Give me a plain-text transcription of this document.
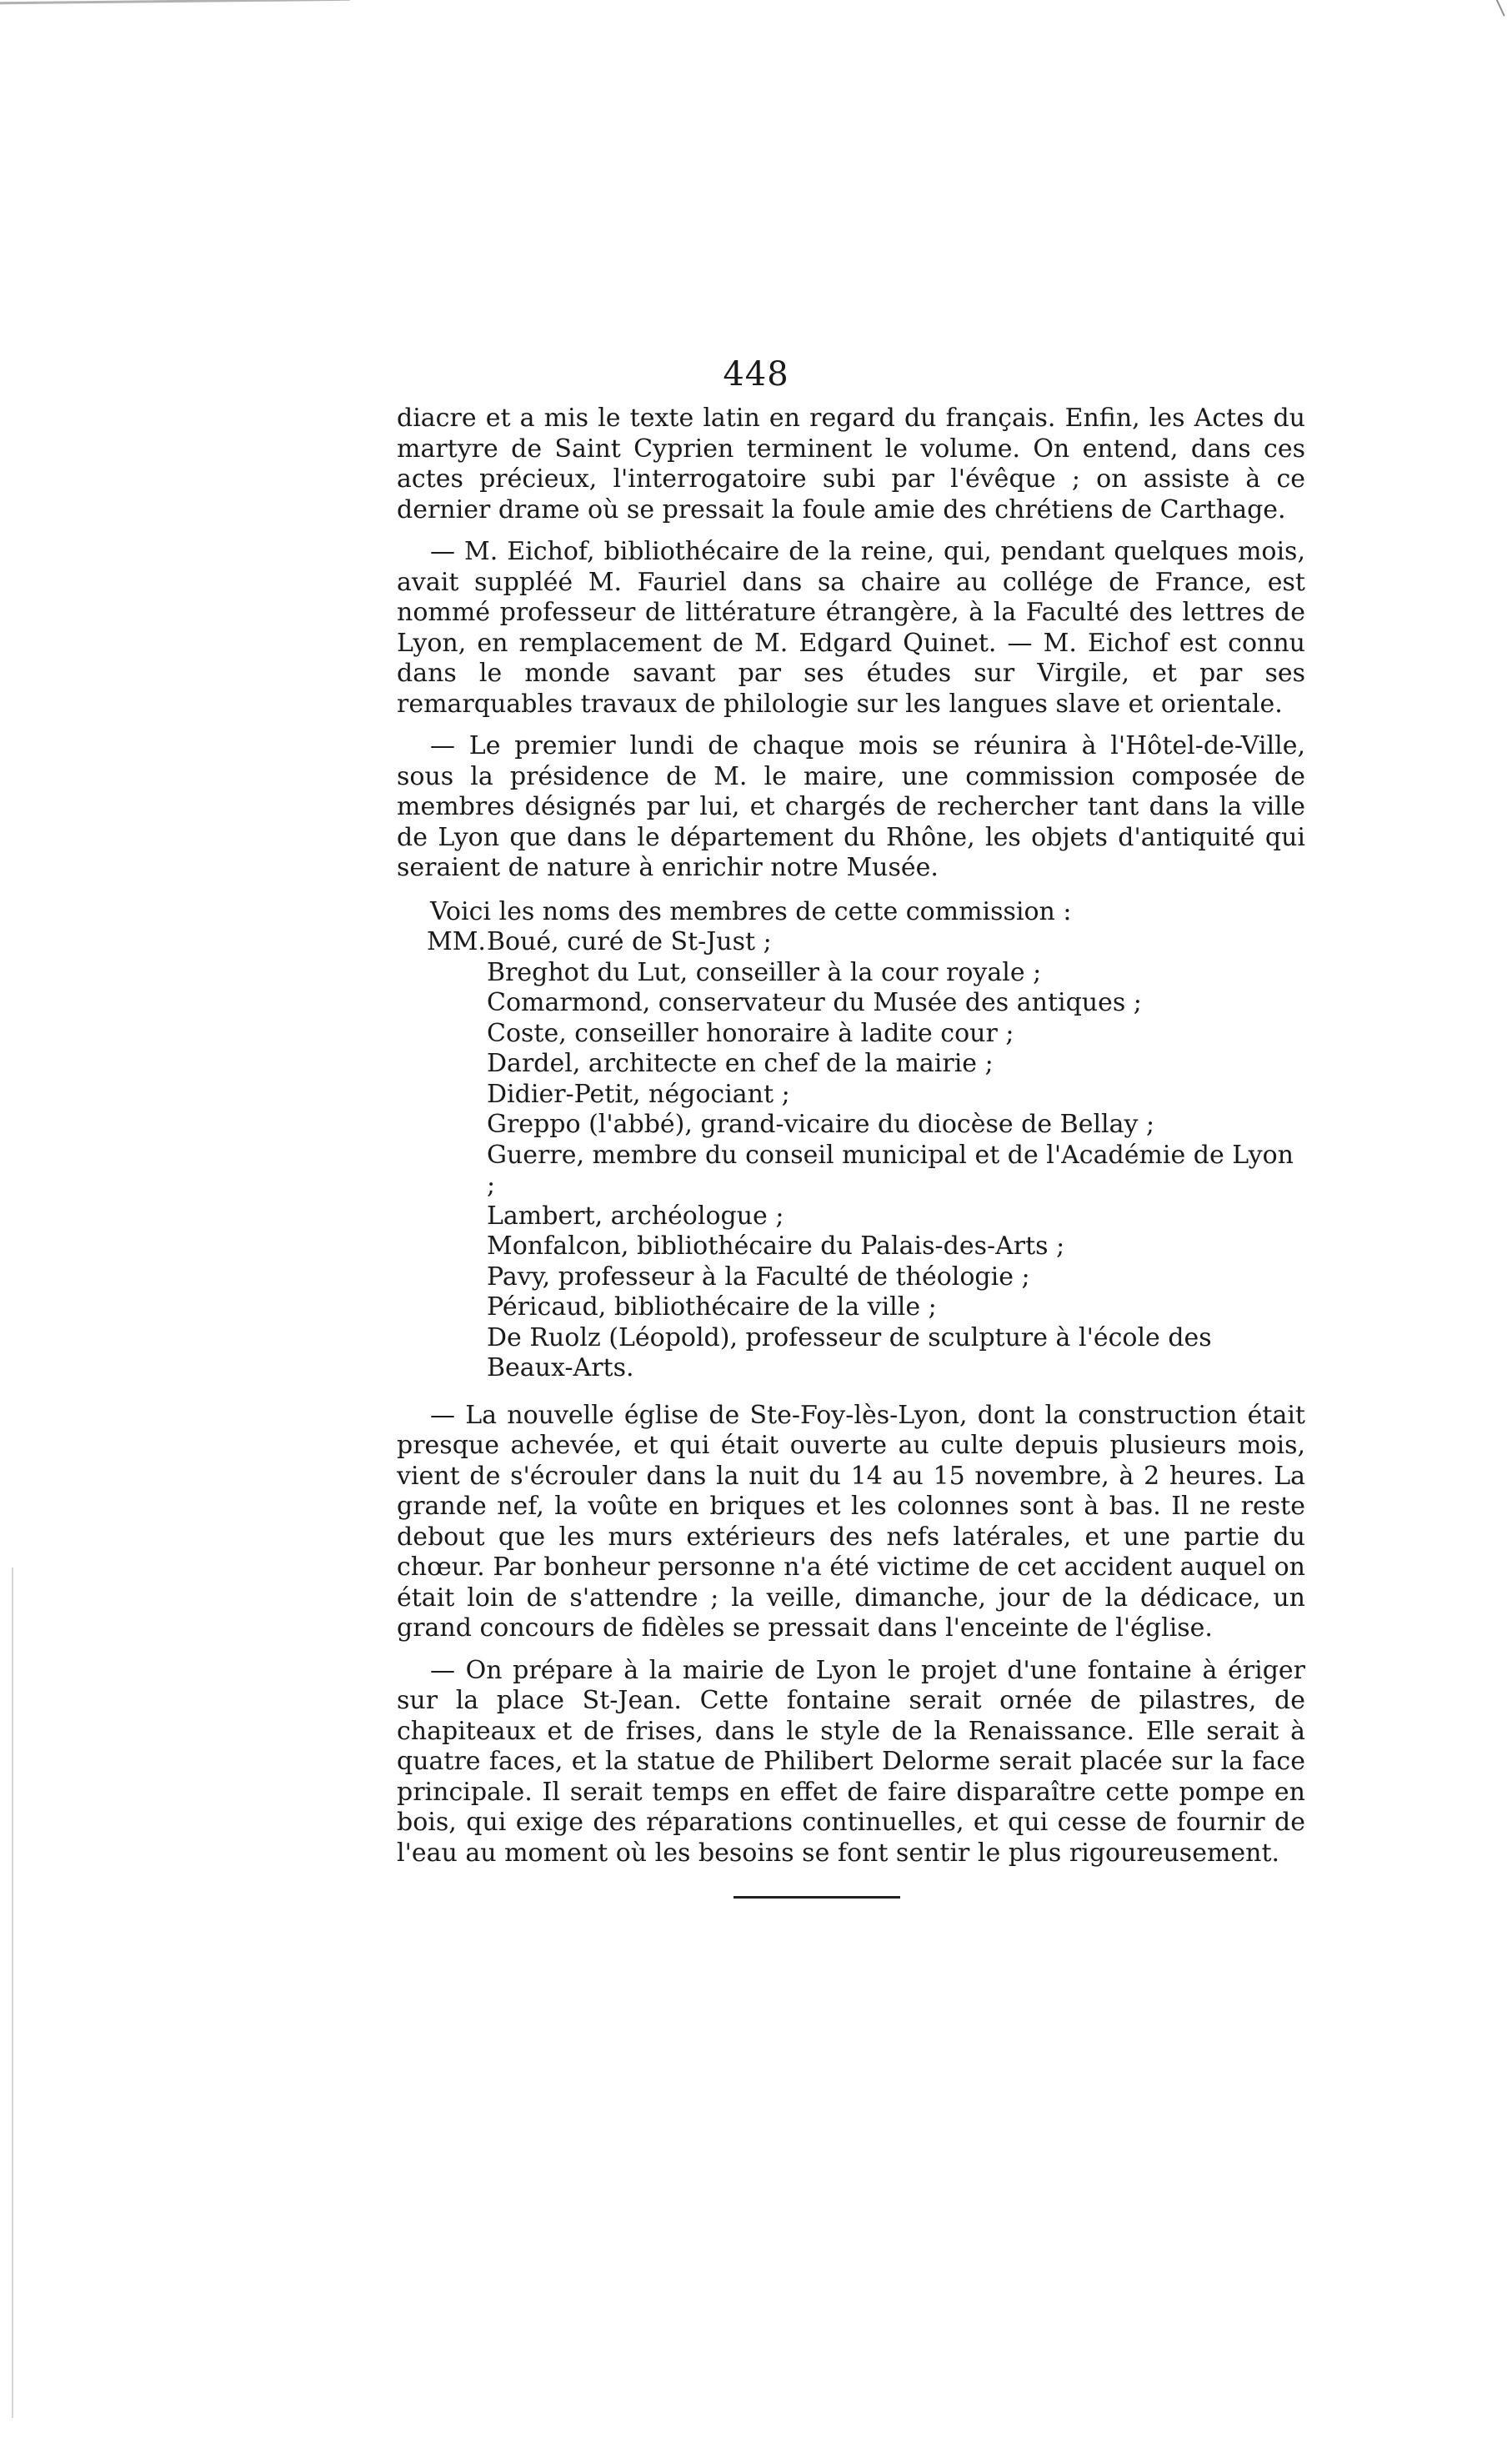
448

diacre et a mis le texte latin en regard du français. Enfin, les Actes du martyre de Saint Cyprien terminent le volume. On entend, dans ces actes précieux, l'interrogatoire subi par l'évêque ; on assiste à ce dernier drame où se pressait la foule amie des chrétiens de Carthage.

— M. Eichof, bibliothécaire de la reine, qui, pendant quelques mois, avait suppléé M. Fauriel dans sa chaire au collége de France, est nommé professeur de littérature étrangère, à la Faculté des lettres de Lyon, en remplacement de M. Edgard Quinet. — M. Eichof est connu dans le monde savant par ses études sur Virgile, et par ses remarquables travaux de philologie sur les langues slave et orientale.

— Le premier lundi de chaque mois se réunira à l'Hôtel-de-Ville, sous la présidence de M. le maire, une commission composée de membres désignés par lui, et chargés de rechercher tant dans la ville de Lyon que dans le département du Rhône, les objets d'antiquité qui seraient de nature à enrichir notre Musée.

Voici les noms des membres de cette commission :

MM. Boué, curé de St-Just ;
Breghot du Lut, conseiller à la cour royale ;
Comarmond, conservateur du Musée des antiques ;
Coste, conseiller honoraire à ladite cour ;
Dardel, architecte en chef de la mairie ;
Didier-Petit, négociant ;
Greppo (l'abbé), grand-vicaire du diocèse de Bellay ;
Guerre, membre du conseil municipal et de l'Académie de Lyon ;
Lambert, archéologue ;
Monfalcon, bibliothécaire du Palais-des-Arts ;
Pavy, professeur à la Faculté de théologie ;
Péricaud, bibliothécaire de la ville ;
De Ruolz (Léopold), professeur de sculpture à l'école des Beaux-Arts.

— La nouvelle église de Ste-Foy-lès-Lyon, dont la construction était presque achevée, et qui était ouverte au culte depuis plusieurs mois, vient de s'écrouler dans la nuit du 14 au 15 novembre, à 2 heures. La grande nef, la voûte en briques et les colonnes sont à bas. Il ne reste debout que les murs extérieurs des nefs latérales, et une partie du chœur. Par bonheur personne n'a été victime de cet accident auquel on était loin de s'attendre ; la veille, dimanche, jour de la dédicace, un grand concours de fidèles se pressait dans l'enceinte de l'église.

— On prépare à la mairie de Lyon le projet d'une fontaine à ériger sur la place St-Jean. Cette fontaine serait ornée de pilastres, de chapiteaux et de frises, dans le style de la Renaissance. Elle serait à quatre faces, et la statue de Philibert Delorme serait placée sur la face principale. Il serait temps en effet de faire disparaître cette pompe en bois, qui exige des réparations continuelles, et qui cesse de fournir de l'eau au moment où les besoins se font sentir le plus rigoureusement.
